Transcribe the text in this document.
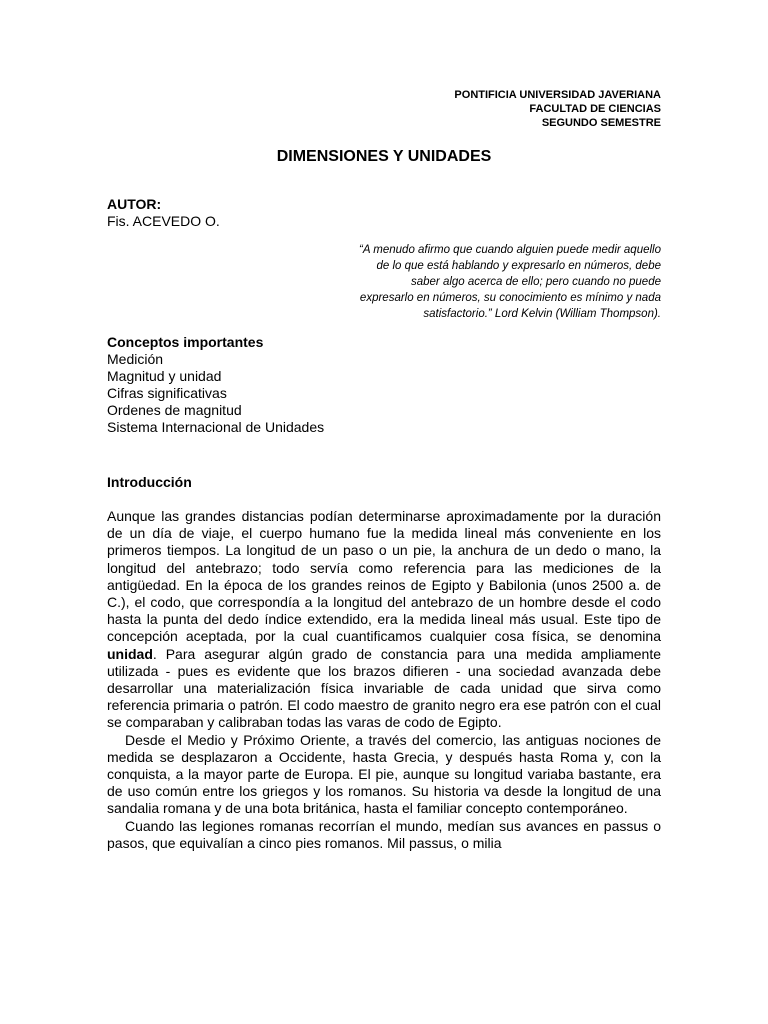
PONTIFICIA UNIVERSIDAD JAVERIANA
FACULTAD DE CIENCIAS
SEGUNDO SEMESTRE
DIMENSIONES Y UNIDADES
AUTOR:
Fis. ACEVEDO O.
“A menudo afirmo que cuando alguien puede medir aquello
de lo que está hablando y expresarlo en números, debe
saber algo acerca de ello; pero cuando no puede
expresarlo en números, su conocimiento es mínimo y nada
satisfactorio.” Lord Kelvin (William Thompson).
Conceptos importantes
Medición
Magnitud y unidad
Cifras significativas
Ordenes de magnitud
Sistema Internacional de Unidades
Introducción

Aunque las grandes distancias podían determinarse aproximadamente por la duración de un día de viaje, el cuerpo humano fue la medida lineal más conveniente en los primeros tiempos. La longitud de un paso o un pie, la anchura de un dedo o mano, la longitud del antebrazo; todo servía como referencia para las mediciones de la antigüedad. En la época de los grandes reinos de Egipto y Babilonia (unos 2500 a. de C.), el codo, que correspondía a la longitud del antebrazo de un hombre desde el codo hasta la punta del dedo índice extendido, era la medida lineal más usual. Este tipo de concepción aceptada, por la cual cuantificamos cualquier cosa física, se denomina unidad. Para asegurar algún grado de constancia para una medida ampliamente utilizada - pues es evidente que los brazos difieren - una sociedad avanzada debe desarrollar una materialización física invariable de cada unidad que sirva como referencia primaria o patrón. El codo maestro de granito negro era ese patrón con el cual se comparaban y calibraban todas las varas de codo de Egipto.

Desde el Medio y Próximo Oriente, a través del comercio, las antiguas nociones de medida se desplazaron a Occidente, hasta Grecia, y después hasta Roma y, con la conquista, a la mayor parte de Europa. El pie, aunque su longitud variaba bastante, era de uso común entre los griegos y los romanos. Su historia va desde la longitud de una sandalia romana y de una bota británica, hasta el familiar concepto contemporáneo.

Cuando las legiones romanas recorrían el mundo, medían sus avances en passus o pasos, que equivalían a cinco pies romanos. Mil passus, o milia
